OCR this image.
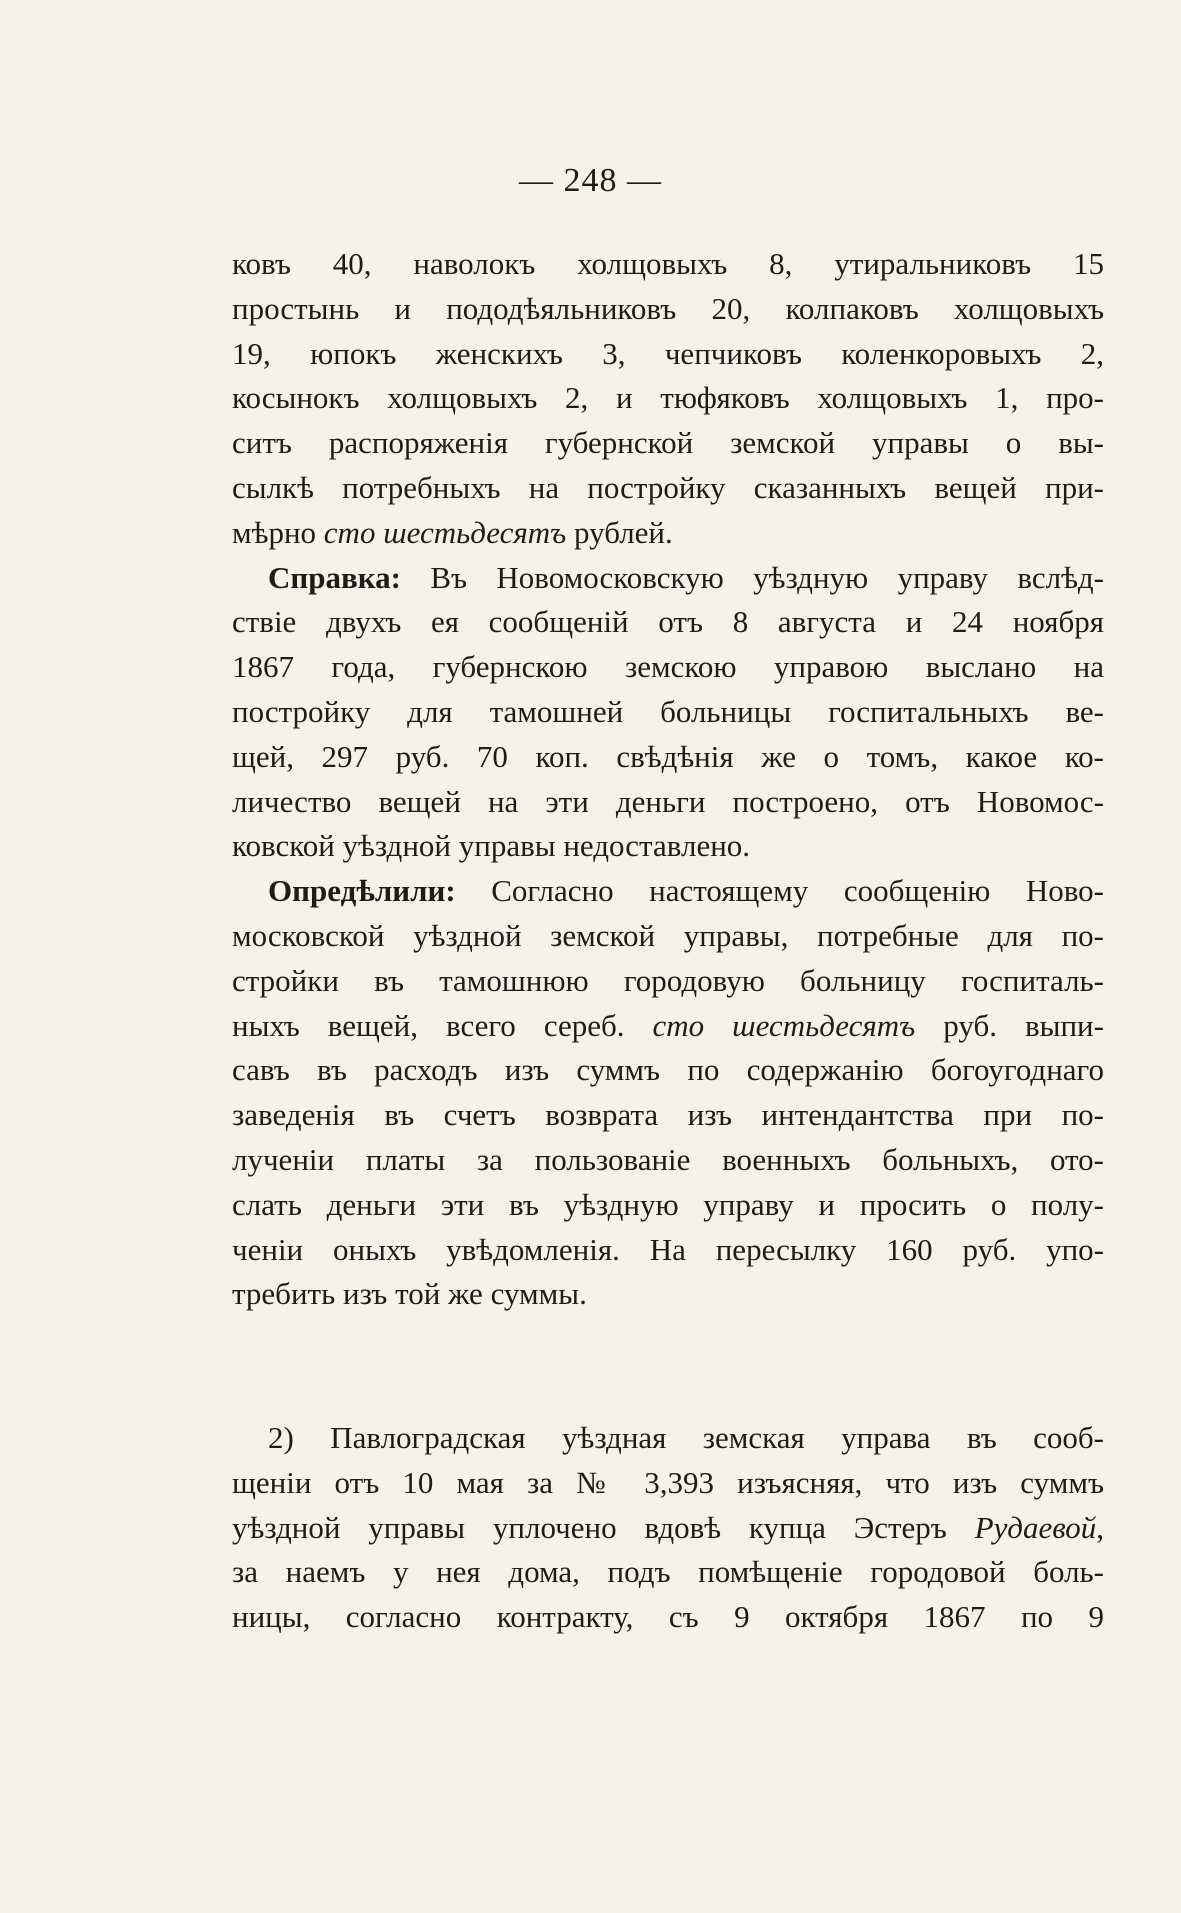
— 248 —
ковъ 40, наволокъ холщовыхъ 8, утиральниковъ 15
простынь и пододѣяльниковъ 20, колпаковъ холщовыхъ
19, юпокъ женскихъ 3, чепчиковъ коленкоровыхъ 2,
косынокъ холщовыхъ 2, и тюфяковъ холщовыхъ 1, про-
ситъ распоряженія губернской земской управы о вы-
сылкѣ потребныхъ на постройку сказанныхъ вещей при-
мѣрно сто шестьдесятъ рублей.
Справка: Въ Новомосковскую уѣздную управу вслѣд-
ствіе двухъ ея сообщеній отъ 8 августа и 24 ноября
1867 года, губернскою земскою управою выслано на
постройку для тамошней больницы госпитальныхъ ве-
щей, 297 руб. 70 коп. свѣдѣнія же о томъ, какое ко-
личество вещей на эти деньги построено, отъ Новомос-
ковской уѣздной управы недоставлено.
Опредѣлили: Согласно настоящему сообщенію Ново-
московской уѣздной земской управы, потребные для по-
стройки въ тамошнюю городовую больницу госпиталь-
ныхъ вещей, всего сереб. сто шестьдесятъ руб. выпи-
савъ въ расходъ изъ суммъ по содержанію богоугоднаго
заведенія въ счетъ возврата изъ интендантства при по-
лученіи платы за пользованіе военныхъ больныхъ, ото-
слать деньги эти въ уѣздную управу и просить о полу-
ченіи оныхъ увѣдомленія. На пересылку 160 руб. упо-
требить изъ той же суммы.
2) Павлоградская уѣздная земская управа въ сооб-
щеніи отъ 10 мая за № 3,393 изъясняя, что изъ суммъ
уѣздной управы уплочено вдовѣ купца Эстеръ Рудаевой,
за наемъ у нея дома, подъ помѣщеніе городовой боль-
ницы, согласно контракту, съ 9 октября 1867 по 9
